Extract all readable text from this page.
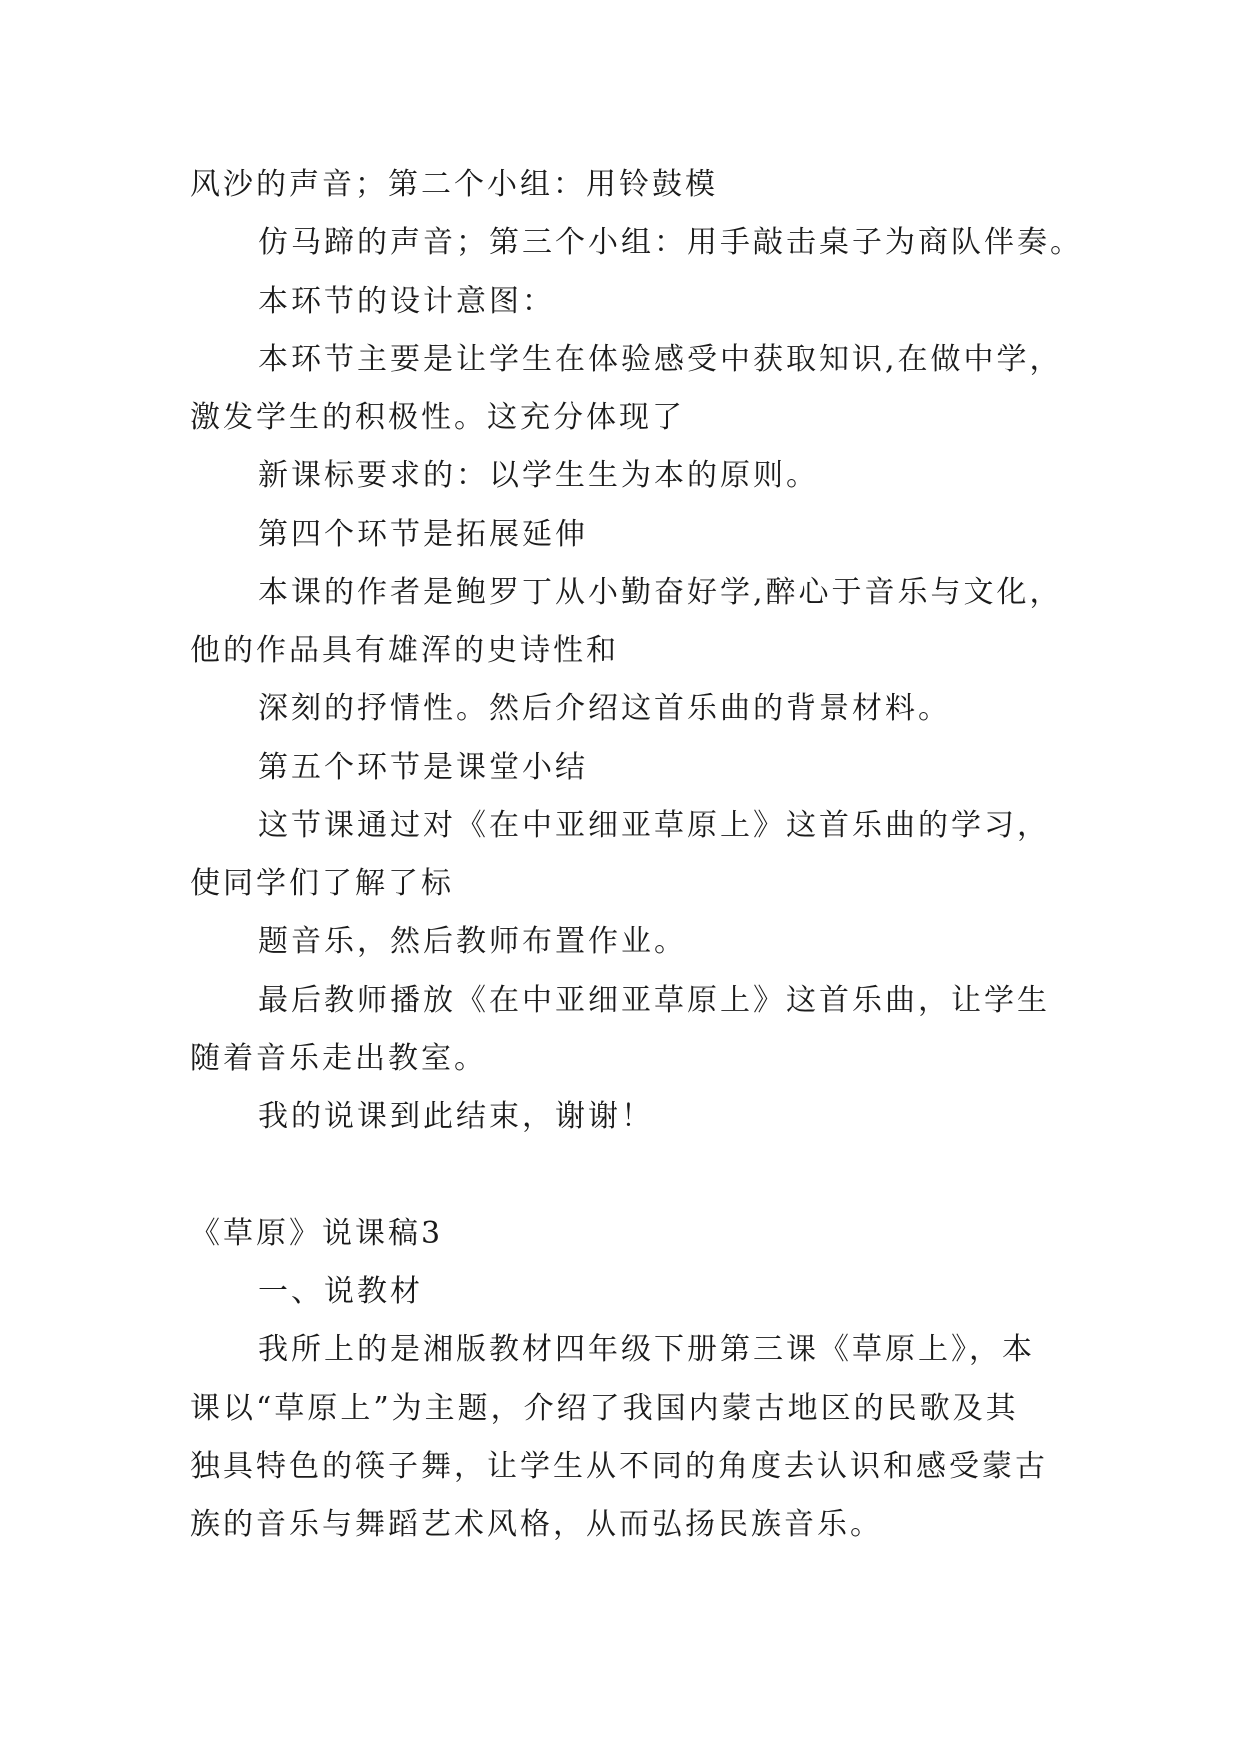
风沙的声音；第二个小组：用铃鼓模
仿马蹄的声音；第三个小组：用手敲击桌子为商队伴奏。
本环节的设计意图：
本环节主要是让学生在体验感受中获取知识,在做中学，
激发学生的积极性。这充分体现了
新课标要求的：以学生生为本的原则。
第四个环节是拓展延伸
本课的作者是鲍罗丁从小勤奋好学,醉心于音乐与文化，
他的作品具有雄浑的史诗性和
深刻的抒情性。然后介绍这首乐曲的背景材料。
第五个环节是课堂小结
这节课通过对《在中亚细亚草原上》这首乐曲的学习，
使同学们了解了标
题音乐，然后教师布置作业。
最后教师播放《在中亚细亚草原上》这首乐曲，让学生
随着音乐走出教室。
我的说课到此结束，谢谢！
《草原》说课稿3
一、说教材
我所上的是湘版教材四年级下册第三课《草原上》，本
课以“草原上”为主题，介绍了我国内蒙古地区的民歌及其
独具特色的筷子舞，让学生从不同的角度去认识和感受蒙古
族的音乐与舞蹈艺术风格，从而弘扬民族音乐。
